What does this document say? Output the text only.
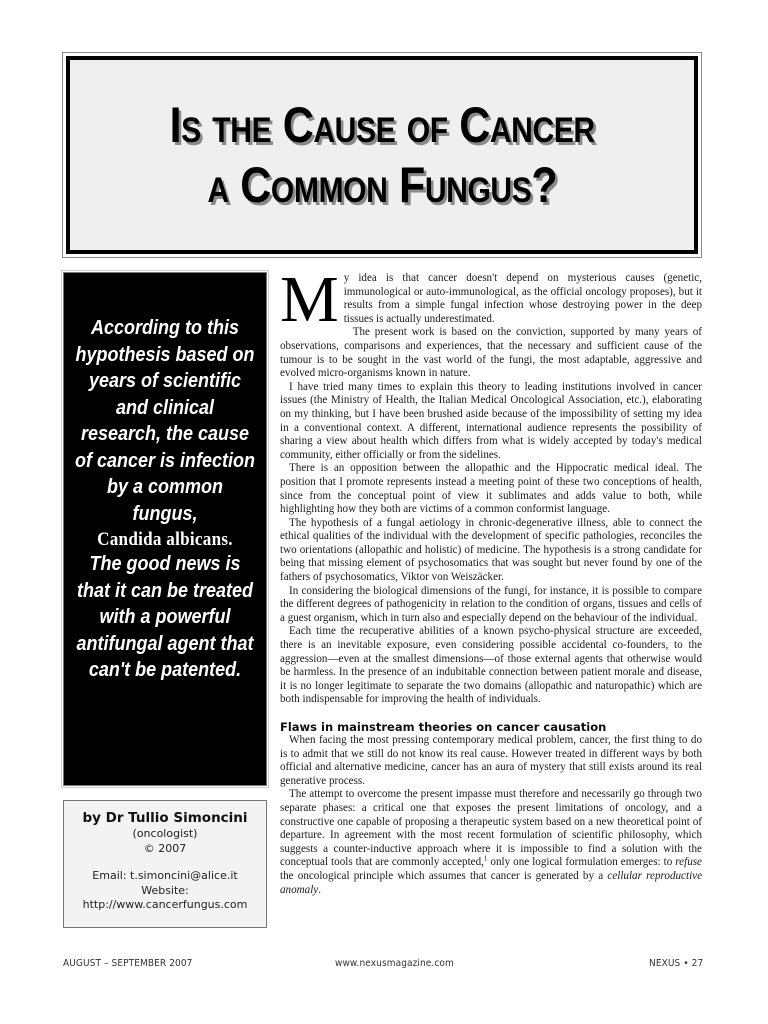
Is the Cause of Cancer
a Common Fungus?
According to this hypothesis based on years of scientific and clinical research, the cause of cancer is infection by a common fungus,
Candida albicans.
The good news is that it can be treated with a powerful antifungal agent that can't be patented.
by Dr Tullio Simoncini
(oncologist)
© 2007
Email: t.simoncini@alice.it
Website:
http://www.cancerfungus.com

My idea is that cancer doesn't depend on mysterious causes (genetic, immunological or auto-immunological, as the official oncology proposes), but it results from a simple fungal infection whose destroying power in the deep tissues is actually underestimated.

The present work is based on the conviction, supported by many years of observations, comparisons and experiences, that the necessary and sufficient cause of the tumour is to be sought in the vast world of the fungi, the most adaptable, aggressive and evolved micro-organisms known in nature.

I have tried many times to explain this theory to leading institutions involved in cancer issues (the Ministry of Health, the Italian Medical Oncological Association, etc.), elaborating on my thinking, but I have been brushed aside because of the impossibility of setting my idea in a conventional context. A different, international audience represents the possibility of sharing a view about health which differs from what is widely accepted by today's medical community, either officially or from the sidelines.

There is an opposition between the allopathic and the Hippocratic medical ideal. The position that I promote represents instead a meeting point of these two conceptions of health, since from the conceptual point of view it sublimates and adds value to both, while highlighting how they both are victims of a common conformist language.

The hypothesis of a fungal aetiology in chronic-degenerative illness, able to connect the ethical qualities of the individual with the development of specific pathologies, reconciles the two orientations (allopathic and holistic) of medicine. The hypothesis is a strong candidate for being that missing element of psychosomatics that was sought but never found by one of the fathers of psychosomatics, Viktor von Weiszäcker.

In considering the biological dimensions of the fungi, for instance, it is possible to compare the different degrees of pathogenicity in relation to the condition of organs, tissues and cells of a guest organism, which in turn also and especially depend on the behaviour of the individual.

Each time the recuperative abilities of a known psycho-physical structure are exceeded, there is an inevitable exposure, even considering possible accidental co-founders, to the aggression—even at the smallest dimensions—of those external agents that otherwise would be harmless. In the presence of an indubitable connection between patient morale and disease, it is no longer legitimate to separate the two domains (allopathic and naturopathic) which are both indispensable for improving the health of individuals.

Flaws in mainstream theories on cancer causation

When facing the most pressing contemporary medical problem, cancer, the first thing to do is to admit that we still do not know its real cause. However treated in different ways by both official and alternative medicine, cancer has an aura of mystery that still exists around its real generative process.

The attempt to overcome the present impasse must therefore and necessarily go through two separate phases: a critical one that exposes the present limitations of oncology, and a constructive one capable of proposing a therapeutic system based on a new theoretical point of departure. In agreement with the most recent formulation of scientific philosophy, which suggests a counter-inductive approach where it is impossible to find a solution with the conceptual tools that are commonly accepted,$^1$ only one logical formulation emerges: to refuse the oncological principle which assumes that cancer is generated by a cellular reproductive anomaly.

AUGUST – SEPTEMBER 2007	www.nexusmagazine.com	NEXUS • 27
